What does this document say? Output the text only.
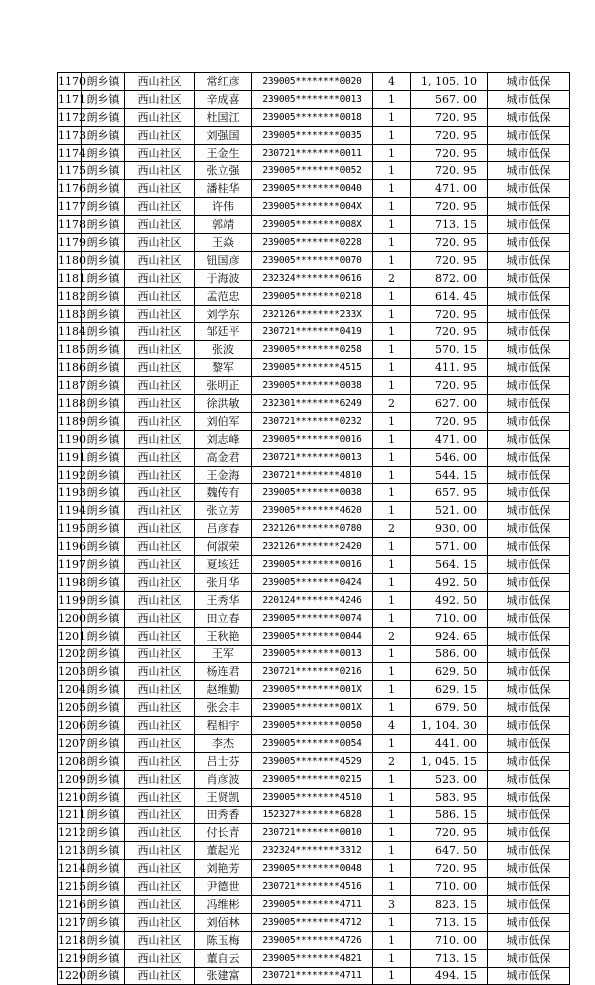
1170	朗乡镇	西山社区	常红彦	239005********0020	4	1, 105. 10	城市低保
1171	朗乡镇	西山社区	辛成喜	239005********0013	1	567. 00	城市低保
1172	朗乡镇	西山社区	杜国江	239005********0018	1	720. 95	城市低保
1173	朗乡镇	西山社区	刘强国	239005********0035	1	720. 95	城市低保
1174	朗乡镇	西山社区	王金生	230721********0011	1	720. 95	城市低保
1175	朗乡镇	西山社区	张立强	239005********0052	1	720. 95	城市低保
1176	朗乡镇	西山社区	潘桂华	239005********0040	1	471. 00	城市低保
1177	朗乡镇	西山社区	许伟	239005********004X	1	720. 95	城市低保
1178	朗乡镇	西山社区	郭靖	239005********008X	1	713. 15	城市低保
1179	朗乡镇	西山社区	王焱	239005********0228	1	720. 95	城市低保
1180	朗乡镇	西山社区	钮国彦	239005********0070	1	720. 95	城市低保
1181	朗乡镇	西山社区	于海波	232324********0616	2	872. 00	城市低保
1182	朗乡镇	西山社区	孟范忠	239005********0218	1	614. 45	城市低保
1183	朗乡镇	西山社区	刘学东	232126********233X	1	720. 95	城市低保
1184	朗乡镇	西山社区	邹廷平	230721********0419	1	720. 95	城市低保
1185	朗乡镇	西山社区	张波	239005********0258	1	570. 15	城市低保
1186	朗乡镇	西山社区	黎军	239005********4515	1	411. 95	城市低保
1187	朗乡镇	西山社区	张明正	239005********0038	1	720. 95	城市低保
1188	朗乡镇	西山社区	徐洪敏	232301********6249	2	627. 00	城市低保
1189	朗乡镇	西山社区	刘伯军	230721********0232	1	720. 95	城市低保
1190	朗乡镇	西山社区	刘志峰	239005********0016	1	471. 00	城市低保
1191	朗乡镇	西山社区	高金君	230721********0013	1	546. 00	城市低保
1192	朗乡镇	西山社区	王金海	230721********4810	1	544. 15	城市低保
1193	朗乡镇	西山社区	魏传有	239005********0038	1	657. 95	城市低保
1194	朗乡镇	西山社区	张立芳	239005********4620	1	521. 00	城市低保
1195	朗乡镇	西山社区	吕彦春	232126********0780	2	930. 00	城市低保
1196	朗乡镇	西山社区	何淑荣	232126********2420	1	571. 00	城市低保
1197	朗乡镇	西山社区	夏垓廷	239005********0016	1	564. 15	城市低保
1198	朗乡镇	西山社区	张月华	239005********0424	1	492. 50	城市低保
1199	朗乡镇	西山社区	王秀华	220124********4246	1	492. 50	城市低保
1200	朗乡镇	西山社区	田立春	239005********0074	1	710. 00	城市低保
1201	朗乡镇	西山社区	王秋艳	239005********0044	2	924. 65	城市低保
1202	朗乡镇	西山社区	王军	239005********0013	1	586. 00	城市低保
1203	朗乡镇	西山社区	杨连君	230721********0216	1	629. 50	城市低保
1204	朗乡镇	西山社区	赵维勤	239005********001X	1	629. 15	城市低保
1205	朗乡镇	西山社区	张会丰	239005********001X	1	679. 50	城市低保
1206	朗乡镇	西山社区	程相宇	239005********0050	4	1, 104. 30	城市低保
1207	朗乡镇	西山社区	李杰	239005********0054	1	441. 00	城市低保
1208	朗乡镇	西山社区	吕士芬	239005********4529	2	1, 045. 15	城市低保
1209	朗乡镇	西山社区	肖彦波	239005********0215	1	523. 00	城市低保
1210	朗乡镇	西山社区	王贤凯	239005********4510	1	583. 95	城市低保
1211	朗乡镇	西山社区	田秀香	152327********6828	1	586. 15	城市低保
1212	朗乡镇	西山社区	付长青	230721********0010	1	720. 95	城市低保
1213	朗乡镇	西山社区	董起光	232324********3312	1	647. 50	城市低保
1214	朗乡镇	西山社区	刘艳芳	239005********0048	1	720. 95	城市低保
1215	朗乡镇	西山社区	尹德世	230721********4516	1	710. 00	城市低保
1216	朗乡镇	西山社区	冯维彬	239005********4711	3	823. 15	城市低保
1217	朗乡镇	西山社区	刘佰林	239005********4712	1	713. 15	城市低保
1218	朗乡镇	西山社区	陈玉梅	239005********4726	1	710. 00	城市低保
1219	朗乡镇	西山社区	董自云	239005********4821	1	713. 15	城市低保
1220	朗乡镇	西山社区	张建富	230721********4711	1	494. 15	城市低保
